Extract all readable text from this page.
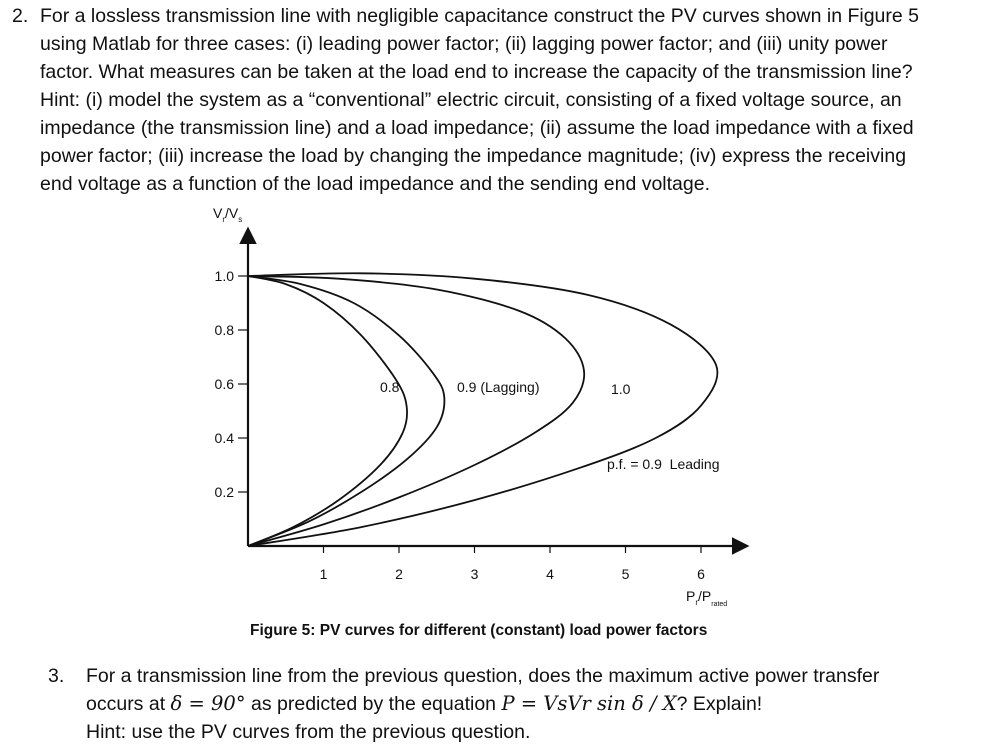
2. For a lossless transmission line with negligible capacitance construct the PV curves shown in Figure 5
using Matlab for three cases: (i) leading power factor; (ii) lagging power factor; and (iii) unity power
factor. What measures can be taken at the load end to increase the capacity of the transmission line?
Hint: (i) model the system as a “conventional” electric circuit, consisting of a fixed voltage source, an
impedance (the transmission line) and a load impedance; (ii) assume the load impedance with a fixed
power factor; (iii) increase the load by changing the impedance magnitude; (iv) express the receiving
end voltage as a function of the load impedance and the sending end voltage.
0.2
0.4
0.6
0.8
1.0
1	2	3	4	5	6
$V_r/V_s$
$P_r/P_{rated}$
0.8	0.9 (Lagging)	1.0
p.f. = 0.9  Leading
Figure 5: PV curves for different (constant) load power factors
3. For a transmission line from the previous question, does the maximum active power transfer
occurs at δ = 90° as predicted by the equation P = VsVr sin δ / X? Explain!
Hint: use the PV curves from the previous question.
